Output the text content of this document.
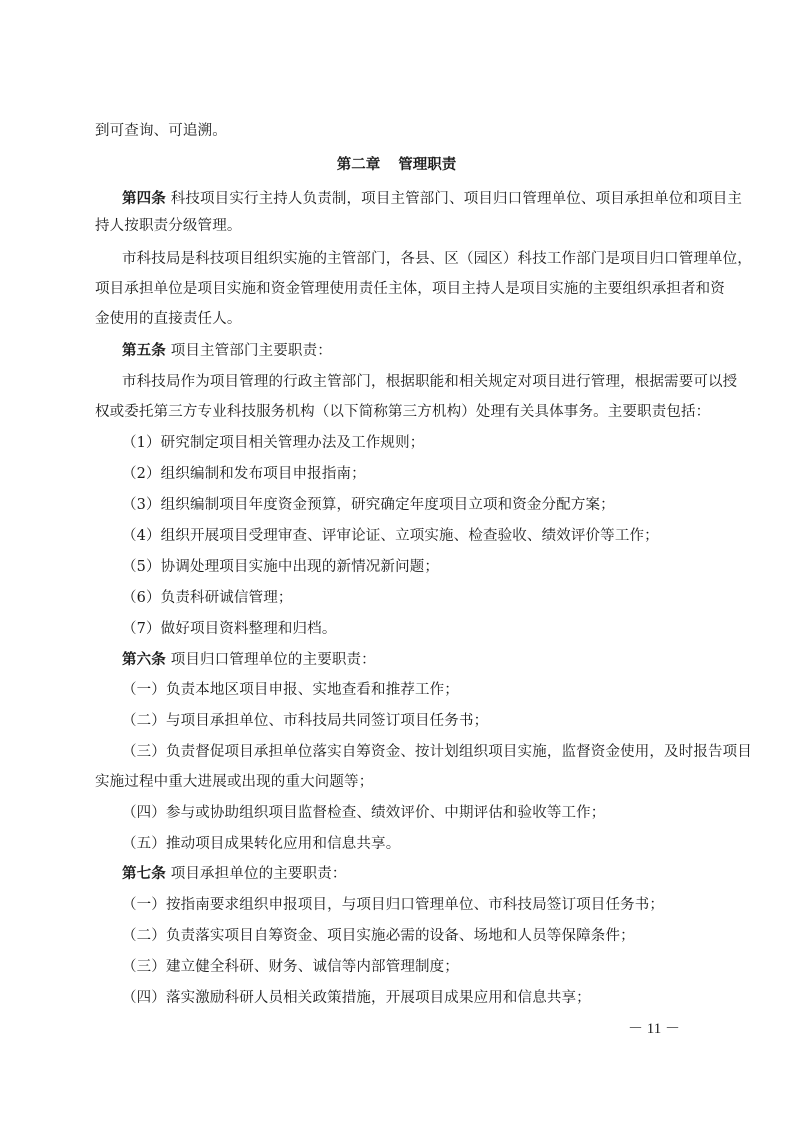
到可查询、可追溯。
第二章 管理职责
第四条 科技项目实行主持人负责制，项目主管部门、项目归口管理单位、项目承担单位和项目主
持人按职责分级管理。
市科技局是科技项目组织实施的主管部门，各县、区（园区）科技工作部门是项目归口管理单位，
项目承担单位是项目实施和资金管理使用责任主体，项目主持人是项目实施的主要组织承担者和资
金使用的直接责任人。
第五条 项目主管部门主要职责：
市科技局作为项目管理的行政主管部门，根据职能和相关规定对项目进行管理，根据需要可以授
权或委托第三方专业科技服务机构（以下简称第三方机构）处理有关具体事务。主要职责包括：
（1）研究制定项目相关管理办法及工作规则；
（2）组织编制和发布项目申报指南；
（3）组织编制项目年度资金预算，研究确定年度项目立项和资金分配方案；
（4）组织开展项目受理审查、评审论证、立项实施、检查验收、绩效评价等工作；
（5）协调处理项目实施中出现的新情况新问题；
（6）负责科研诚信管理；
（7）做好项目资料整理和归档。
第六条 项目归口管理单位的主要职责：
（一）负责本地区项目申报、实地查看和推荐工作；
（二）与项目承担单位、市科技局共同签订项目任务书；
（三）负责督促项目承担单位落实自筹资金、按计划组织项目实施，监督资金使用，及时报告项目
实施过程中重大进展或出现的重大问题等；
（四）参与或协助组织项目监督检查、绩效评价、中期评估和验收等工作；
（五）推动项目成果转化应用和信息共享。
第七条 项目承担单位的主要职责：
（一）按指南要求组织申报项目，与项目归口管理单位、市科技局签订项目任务书；
（二）负责落实项目自筹资金、项目实施必需的设备、场地和人员等保障条件；
（三）建立健全科研、财务、诚信等内部管理制度；
（四）落实激励科研人员相关政策措施，开展项目成果应用和信息共享；
－ 11 －
